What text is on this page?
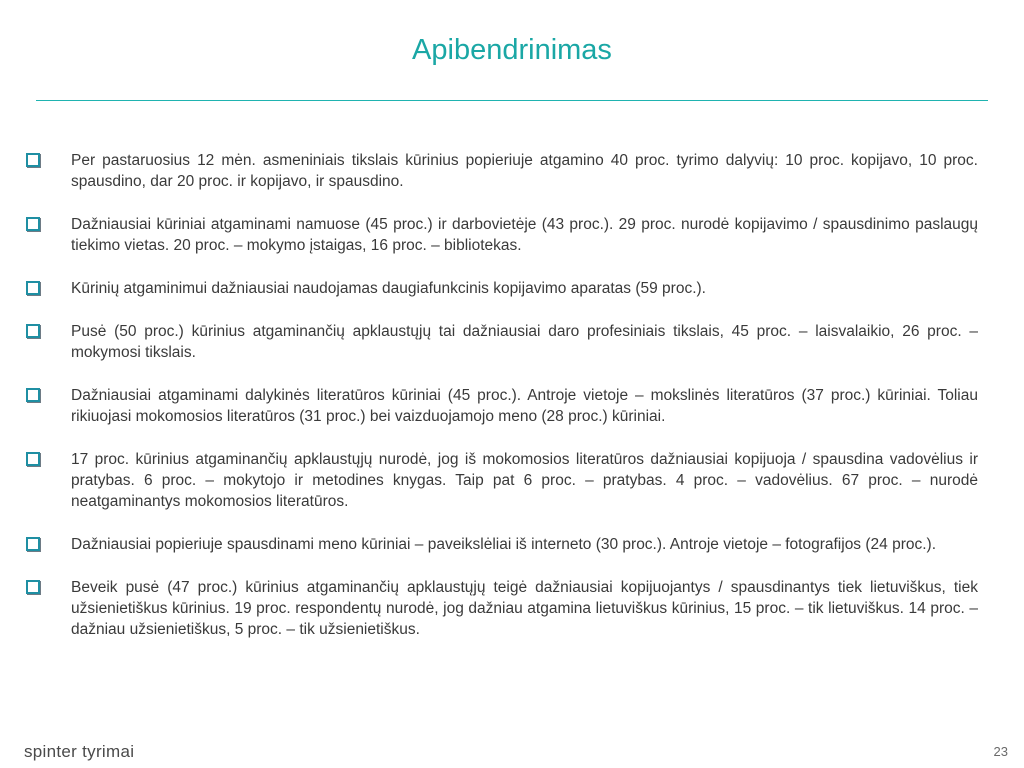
Apibendrinimas
Per pastaruosius 12 mėn. asmeniniais tikslais kūrinius popieriuje atgamino 40 proc. tyrimo dalyvių: 10 proc. kopijavo, 10 proc. spausdino, dar 20 proc. ir kopijavo, ir spausdino.
Dažniausiai kūriniai atgaminami namuose (45 proc.) ir darbovietėje (43 proc.). 29 proc. nurodė kopijavimo / spausdinimo paslaugų tiekimo vietas. 20 proc. – mokymo įstaigas, 16 proc. – bibliotekas.
Kūrinių atgaminimui dažniausiai naudojamas daugiafunkcinis kopijavimo aparatas (59 proc.).
Pusė (50 proc.) kūrinius atgaminančių apklaustųjų tai dažniausiai daro profesiniais tikslais, 45 proc. – laisvalaikio, 26 proc. – mokymosi tikslais.
Dažniausiai atgaminami dalykinės literatūros kūriniai (45 proc.). Antroje vietoje – mokslinės literatūros (37 proc.) kūriniai. Toliau rikiuojasi mokomosios literatūros (31 proc.) bei vaizduojamojo meno (28 proc.) kūriniai.
17 proc. kūrinius atgaminančių apklaustųjų nurodė, jog iš mokomosios literatūros dažniausiai kopijuoja / spausdina vadovėlius ir pratybas. 6 proc. – mokytojo ir metodines knygas. Taip pat 6 proc. – pratybas. 4 proc. – vadovėlius. 67 proc. – nurodė neatgaminantys mokomosios literatūros.
Dažniausiai popieriuje spausdinami meno kūriniai – paveikslėliai iš interneto (30 proc.). Antroje vietoje – fotografijos (24 proc.).
Beveik pusė (47 proc.) kūrinius atgaminančių apklaustųjų teigė dažniausiai kopijuojantys / spausdinantys tiek lietuviškus, tiek užsienietiškus kūrinius. 19 proc. respondentų nurodė, jog dažniau atgamina lietuviškus kūrinius, 15 proc. – tik lietuviškus. 14 proc. – dažniau užsienietiškus, 5 proc. – tik užsienietiškus.
spinter tyrimai	23
